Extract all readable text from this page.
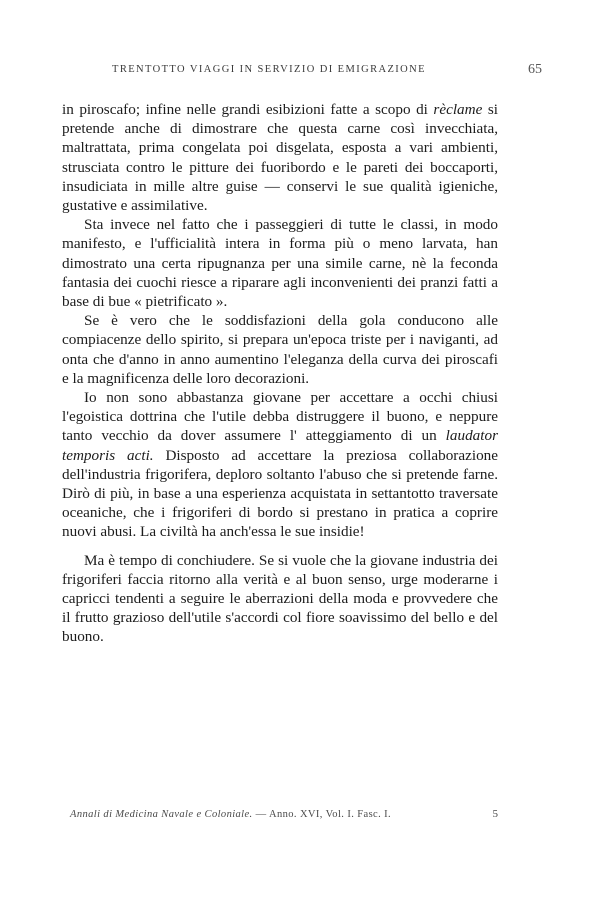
TRENTOTTO VIAGGI IN SERVIZIO DI EMIGRAZIONE	65

in piroscafo; infine nelle grandi esibizioni fatte a scopo di rèclame si pretende anche di dimostrare che questa carne così invecchiata, maltrattata, prima congelata poi disgelata, esposta a vari ambienti, strusciata contro le pitture dei fuoribordo e le pareti dei boccaporti, insudiciata in mille altre guise — conservi le sue qualità igieniche, gustative e assimilative.

Sta invece nel fatto che i passeggieri di tutte le classi, in modo manifesto, e l'ufficialità intera in forma più o meno larvata, han dimostrato una certa ripugnanza per una simile carne, nè la feconda fantasia dei cuochi riesce a riparare agli inconvenienti dei pranzi fatti a base di bue « pietrificato ».

Se è vero che le soddisfazioni della gola conducono alle compiacenze dello spirito, si prepara un'epoca triste per i naviganti, ad onta che d'anno in anno aumentino l'eleganza della curva dei piroscafi e la magnificenza delle loro decorazioni.

Io non sono abbastanza giovane per accettare a occhi chiusi l'egoistica dottrina che l'utile debba distruggere il buono, e neppure tanto vecchio da dover assumere l' atteggiamento di un laudator temporis acti. Disposto ad accettare la preziosa collaborazione dell'industria frigorifera, deploro soltanto l'abuso che si pretende farne. Dirò di più, in base a una esperienza acquistata in settantotto traversate oceaniche, che i frigoriferi di bordo si prestano in pratica a coprire nuovi abusi. La civiltà ha anch'essa le sue insidie!

Ma è tempo di conchiudere. Se si vuole che la giovane industria dei frigoriferi faccia ritorno alla verità e al buon senso, urge moderarne i capricci tendenti a seguire le aberrazioni della moda e provvedere che il frutto grazioso dell'utile s'accordi col fiore soavissimo del bello e del buono.

Annali di Medicina Navale e Coloniale. — Anno. XVI, Vol. I. Fasc. I.	5
